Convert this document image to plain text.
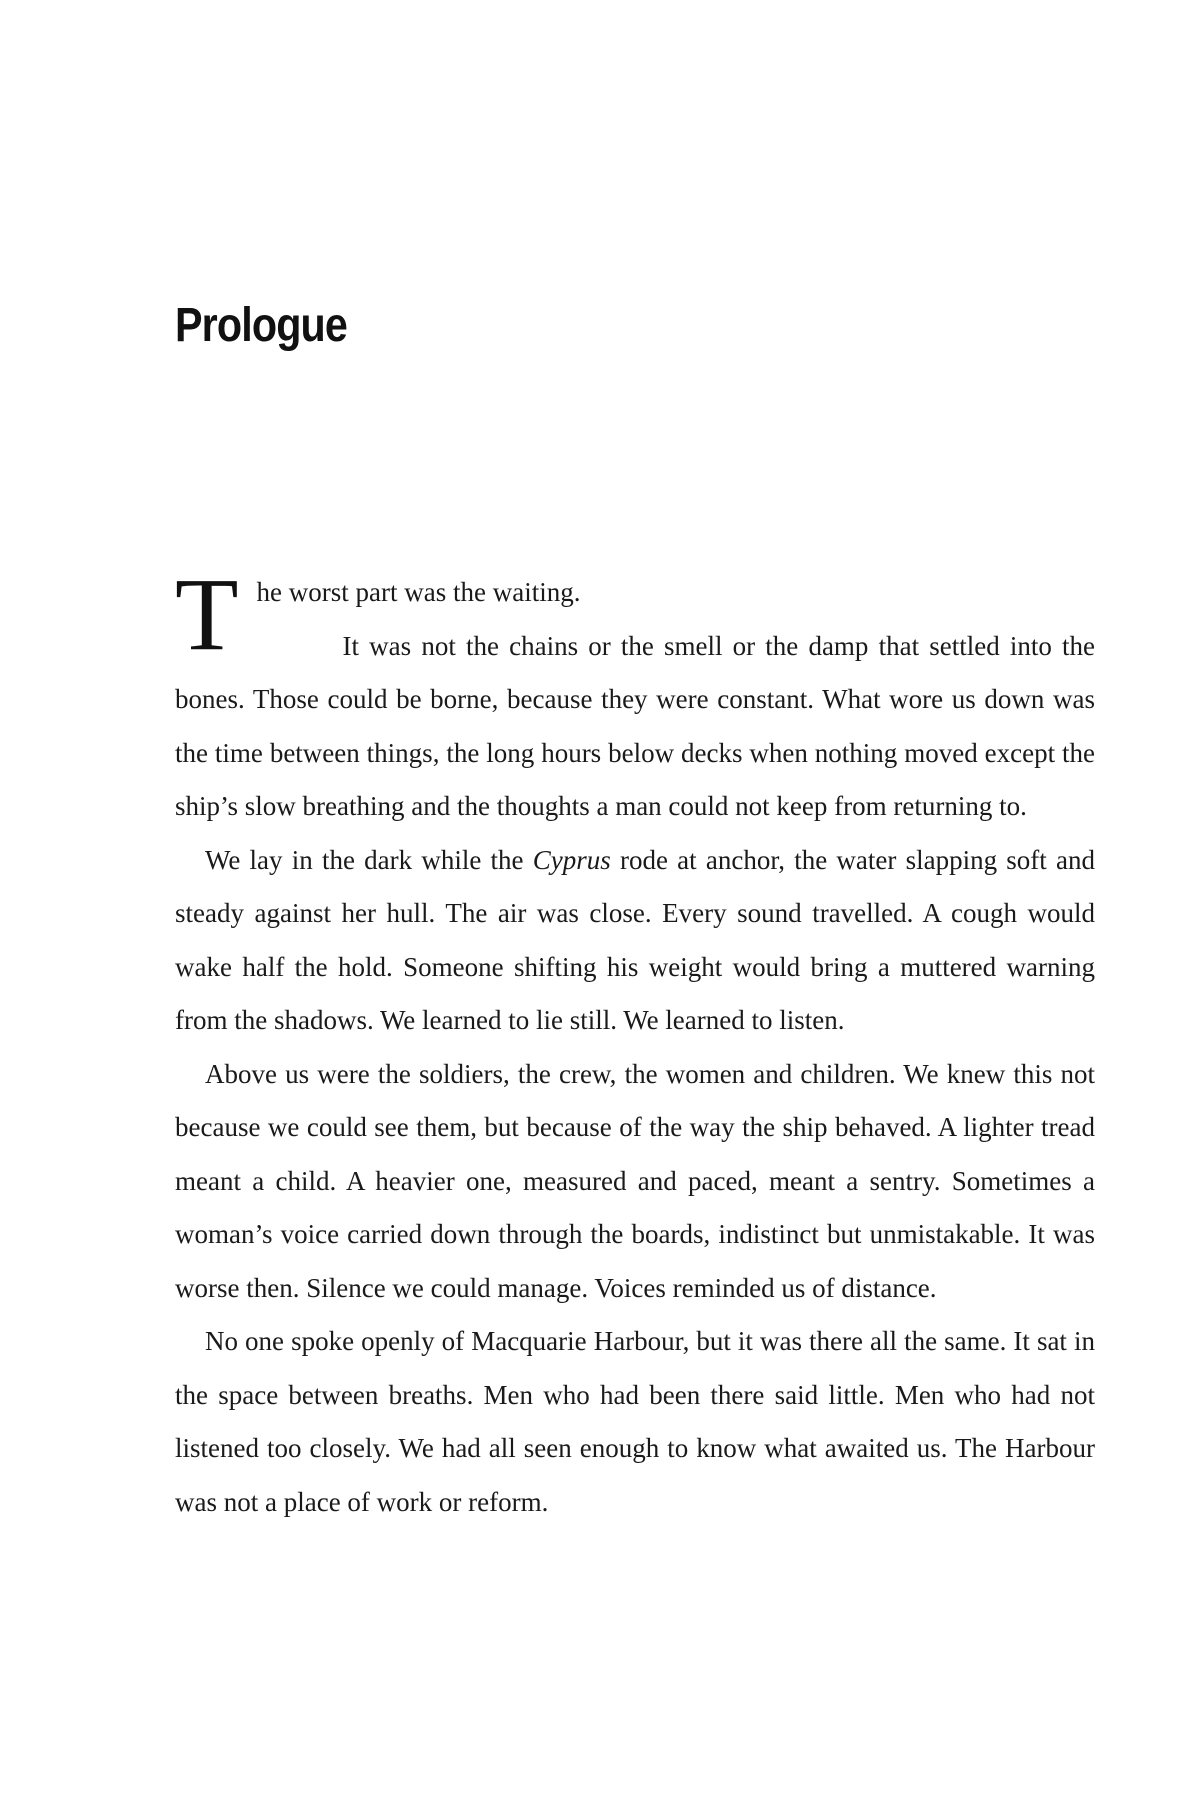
Prologue

T he worst part was the waiting.
It was not the chains or the smell or the damp that settled into the bones. Those could be borne, because they were constant. What wore us down was the time between things, the long hours below decks when nothing moved except the ship’s slow breathing and the thoughts a man could not keep from returning to.

We lay in the dark while the Cyprus rode at anchor, the water slapping soft and steady against her hull. The air was close. Every sound travelled. A cough would wake half the hold. Someone shifting his weight would bring a muttered warning from the shadows. We learned to lie still. We learned to listen.

Above us were the soldiers, the crew, the women and children. We knew this not because we could see them, but because of the way the ship behaved. A lighter tread meant a child. A heavier one, measured and paced, meant a sentry. Sometimes a woman’s voice carried down through the boards, indistinct but unmistakable. It was worse then. Silence we could manage. Voices reminded us of distance.

No one spoke openly of Macquarie Harbour, but it was there all the same. It sat in the space between breaths. Men who had been there said little. Men who had not listened too closely. We had all seen enough to know what awaited us. The Harbour was not a place of work or reform.
